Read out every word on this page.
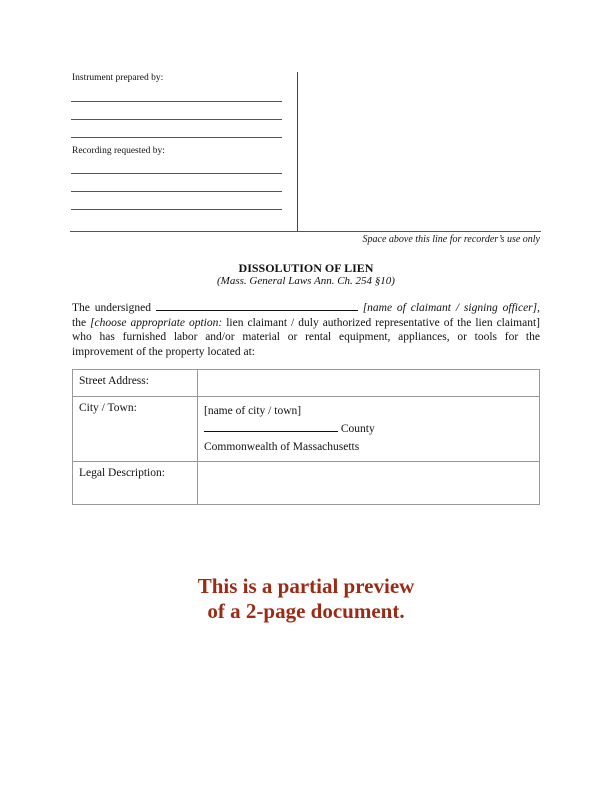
Instrument prepared by:
Recording requested by:
Space above this line for recorder’s use only
DISSOLUTION OF LIEN
(Mass. General Laws Ann. Ch. 254 §10)
The undersigned	[name of claimant / signing officer], the [choose appropriate option: lien claimant / duly authorized representative of the lien claimant] who has furnished labor and/or material or rental equipment, appliances, or tools for the improvement of the property located at:
Street Address:	
City / Town:	[name of city / town]
County
Commonwealth of Massachusetts

Legal Description:	
This is a partial preview
of a 2-page document.
